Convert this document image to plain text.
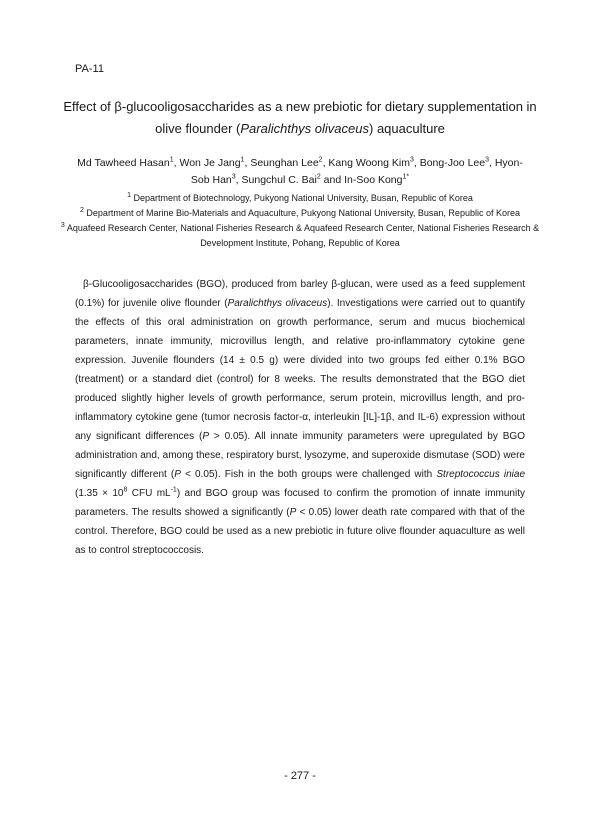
PA-11
Effect of β-glucooligosaccharides as a new prebiotic for dietary supplementation in
olive flounder (Paralichthys olivaceus) aquaculture
Md Tawheed Hasan$^1$, Won Je Jang$^1$, Seunghan Lee$^2$, Kang Woong Kim$^3$, Bong-Joo Lee$^3$, Hyon-Sob Han$^3$, Sungchul C. Bai$^2$ and In-Soo Kong$^{1*}$
$^1$ Department of Biotechnology, Pukyong National University, Busan, Republic of Korea
$^2$ Department of Marine Bio-Materials and Aquaculture, Pukyong National University, Busan, Republic of Korea
$^3$ Aquafeed Research Center, National Fisheries Research & Aquafeed Research Center, National Fisheries Research & Development Institute, Pohang, Republic of Korea

β-Glucooligosaccharides (BGO), produced from barley β-glucan, were used as a feed supplement (0.1%) for juvenile olive flounder (Paralichthys olivaceus). Investigations were carried out to quantify the effects of this oral administration on growth performance, serum and mucus biochemical parameters, innate immunity, microvillus length, and relative pro-inflammatory cytokine gene expression. Juvenile flounders (14 ± 0.5 g) were divided into two groups fed either 0.1% BGO (treatment) or a standard diet (control) for 8 weeks. The results demonstrated that the BGO diet produced slightly higher levels of growth performance, serum protein, microvillus length, and pro-inflammatory cytokine gene (tumor necrosis factor-α, interleukin [IL]-1β, and IL-6) expression without any significant differences (P > 0.05). All innate immunity parameters were upregulated by BGO administration and, among these, respiratory burst, lysozyme, and superoxide dismutase (SOD) were significantly different (P < 0.05). Fish in the both groups were challenged with Streptococcus iniae ($1.35 \times 10^8$ CFU $mL^{-1}$) and BGO group was focused to confirm the promotion of innate immunity parameters. The results showed a significantly (P < 0.05) lower death rate compared with that of the control. Therefore, BGO could be used as a new prebiotic in future olive flounder aquaculture as well as to control streptococcosis.

- 277 -
